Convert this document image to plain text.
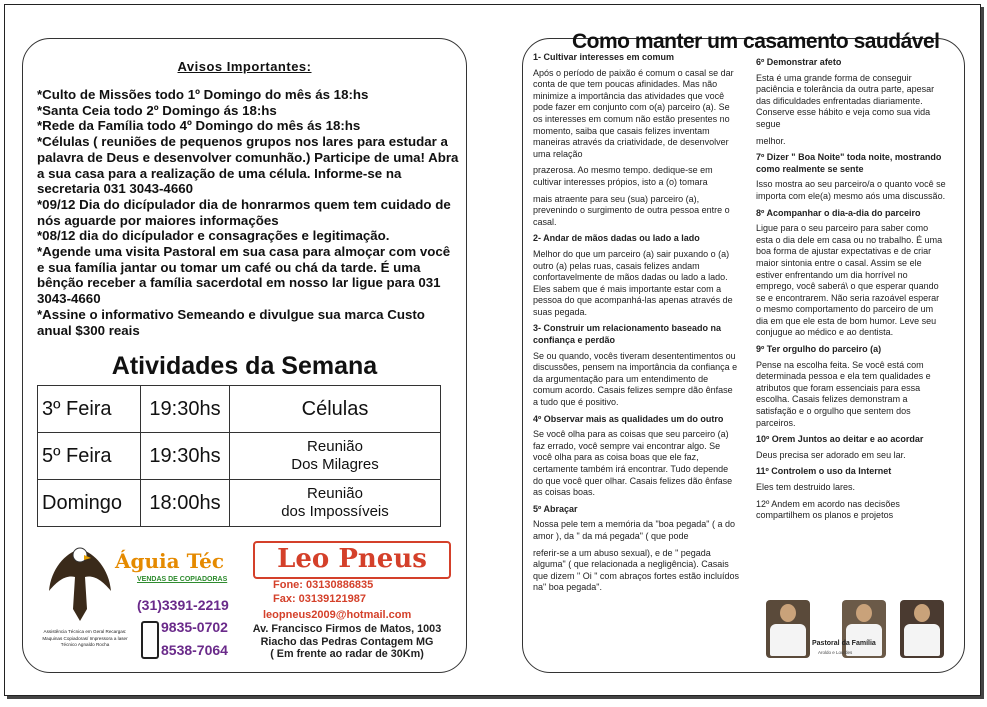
Avisos Importantes:

*Culto de Missões todo 1º Domingo do mês ás 18:hs

*Santa Ceia todo 2º Domingo ás 18:hs

*Rede da Família todo 4º Domingo do mês ás 18:hs

*Células ( reuniões de pequenos grupos nos lares para estudar a palavra de Deus e desenvolver comunhão.) Participe de uma! Abra a sua casa para a realização de uma célula. Informe-se na secretaria 031 3043-4660

*09/12 Dia do dicípulador dia de honrarmos quem tem cuidado de nós aguarde por maiores informações

*08/12 dia do dicípulador e consagrações e legitimação.

*Agende uma visita Pastoral em sua casa para almoçar com você e sua família jantar ou tomar um café ou chá da tarde. É uma bênção receber a família sacerdotal em nosso lar ligue para 031 3043-4660

*Assine o informativo Semeando e divulgue sua marca Custo anual $300 reais

Atividades da Semana
3º Feira	19:30hs	Células
5º Feira	19:30hs	Reunião
Dos Milagres
Domingo	18:00hs	Reunião
dos Impossíveis
Águia Téc
VENDAS DE COPIADORAS
(31)3391-2219
9835-0702
8538-7064
Assistência Técnica em Geral Recargas: Maquinas Copiadoras/ Impressora a laser Técnico Agnaldo Rocha
Leo Pneus
Fone: 03130886835
Fax: 03139121987
leopneus2009@hotmail.com
Av. Francisco Firmos de Matos, 1003
Riacho das Pedras Contagem MG
( Em frente ao radar de 30Km)
Como manter um casamento saudável

1- Cultivar interesses em comum

Após o período de paixão é comum o casal se dar conta de que tem poucas afinidades. Mas não minimize a importância das atividades que você pode fazer em conjunto com o(a) parceiro (a). Se os interesses em comum não estão presentes no momento, saiba que casais felizes inventam maneiras através da criatividade, de desenvolver uma relação

prazerosa. Ao mesmo tempo. dedique-se em cultivar interesses própios, isto a (o) tomara

mais atraente para seu (sua) parceiro (a), prevenindo o surgimento de outra pessoa entre o casal.

2- Andar de mãos dadas ou lado a lado

Melhor do que um parceiro (a) sair puxando o (a) outro (a) pelas ruas, casais felizes andam confortavelmente de mãos dadas ou lado a lado. Eles sabem que é mais importante estar com a pessoa do que acompanhá-las apenas através de suas pegada.

3- Construir um relacionamento baseado na confiança e perdão

Se ou quando, vocês tiveram desententimentos ou discussões, pensem na importância da confiança e da argumentação para um entendimento de comum acordo. Casais felizes sempre dão ênfase a tudo que é positivo.

4º Observar mais as qualidades um do outro

Se você olha para as coisas que seu parceiro (a) faz errado, você sempre vai encontrar algo. Se você olha para as coisa boas que ele faz, certamente também irá encontrar. Tudo depende do que você quer olhar. Casais felizes dão ênfase as coisas boas.

5º Abraçar

Nossa pele tem a memória da "boa pegada" ( a do amor ), da " da má pegada" ( que pode

referir-se a um abuso sexual), e de " pegada alguma" ( que relacionada a negligência). Casais que dizem " Oi " com abraços fortes estão incluídos na" boa pegada".

6º Demonstrar afeto

Esta é uma grande forma de conseguir paciência e tolerância da outra parte, apesar das dificuldades enfrentadas diariamente. Conserve esse hábito e veja como sua vida segue

melhor.

7º Dizer " Boa Noite" toda noite, mostrando como realmente se sente

Isso mostra ao seu parceiro/a o quanto você se importa com ele(a) mesmo aós uma discussão.

8º Acompanhar o dia-a-dia do parceiro

Ligue para o seu parceiro para saber como esta o dia dele em casa ou no trabalho. É uma boa forma de ajustar expectativas e de criar maior sintonia entre o casal. Assim se ele estiver enfrentando um dia horrível no emprego, você saberá\ o que esperar quando se e encontrarem. Não seria razoável esperar o mesmo comportamento do parceiro de um dia em que ele esta de bom humor. Leve seu conjugue ao médico e ao dentista.

9º Ter orgulho do parceiro (a)

Pense na escolha feita. Se você está com determinada pessoa e ela tem qualidades e atributos que foram essenciais para essa escolha. Casais felizes demonstram a satisfação e o orgulho que sentem dos parceiros.

10º Orem Juntos ao deitar e ao acordar

Deus precisa ser adorado em seu lar.

11º Controlem o uso da Internet

Eles tem destruido lares.

12º Andem em acordo nas decisões compartilhem os planos e projetos

Pastoral da Família
Aroldo e Lourdes
